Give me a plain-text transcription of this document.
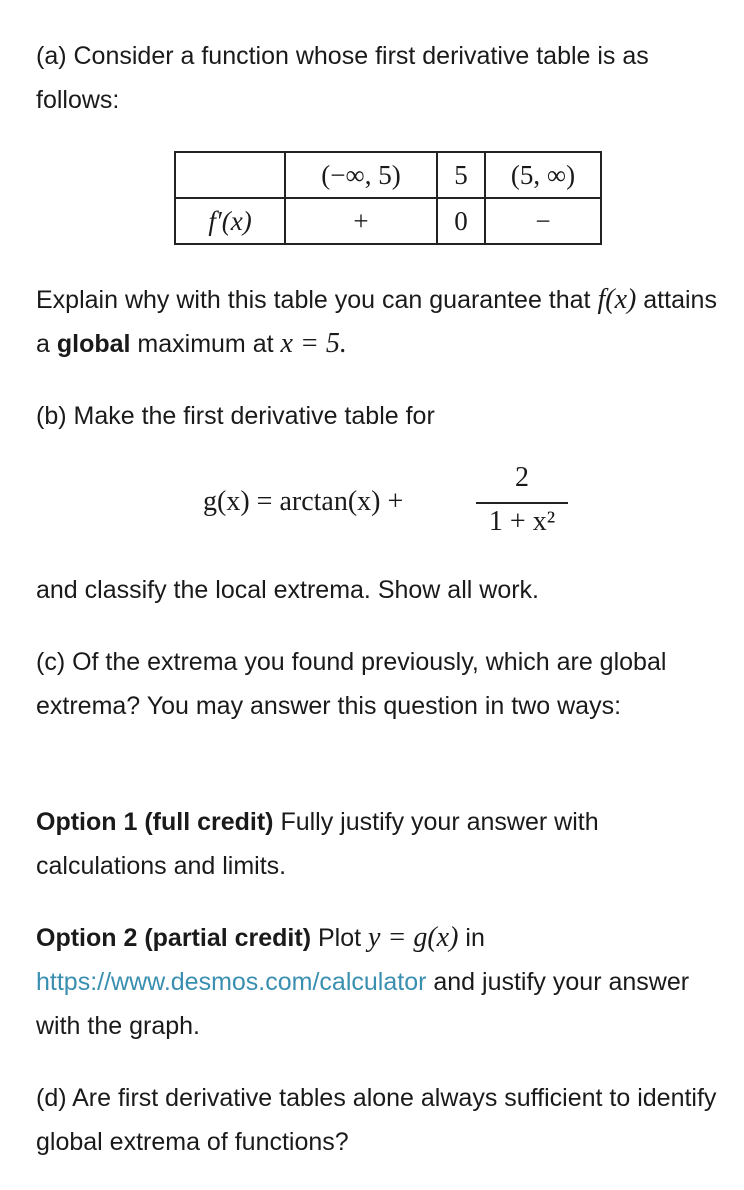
(a) Consider a function whose first derivative table is as follows:

	(−∞, 5)	5	(5, ∞)
f′(x)	+	0	−

Explain why with this table you can guarantee that f(x) attains a global maximum at x = 5.

(b) Make the first derivative table for

g(x) = arctan(x) +
2
1 + x²

and classify the local extrema. Show all work.

(c) Of the extrema you found previously, which are global extrema? You may answer this question in two ways:

Option 1 (full credit) Fully justify your answer with calculations and limits.

Option 2 (partial credit) Plot y = g(x) in https://www.desmos.com/calculator and justify your answer with the graph.

(d) Are first derivative tables alone always sufficient to identify global extrema of functions?
